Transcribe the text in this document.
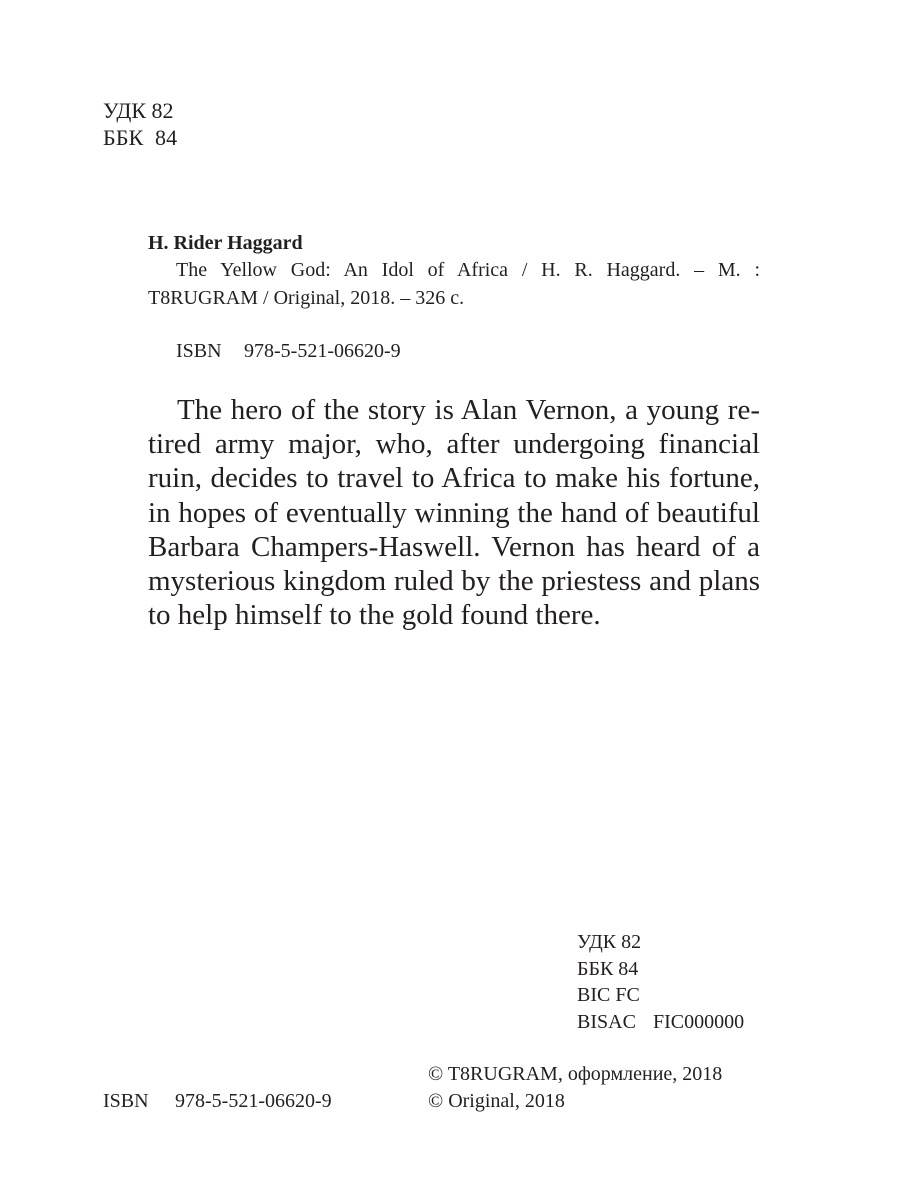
УДК 82
ББК  84
H. Rider Haggard
The Yellow God: An Idol of Africa / H. R. Haggard. – M. :
T8RUGRAM / Original, 2018. – 326 с.
ISBN 978-5-521-06620-9
The hero of the story is Alan Vernon, a young re-
tired army major, who, after undergoing financial
ruin, decides to travel to Africa to make his fortune,
in hopes of eventually winning the hand of beautiful
Barbara Champers-Haswell. Vernon has heard of a
mysterious kingdom ruled by the priestess and plans
to help himself to the gold found there.
УДК 82
ББК 84
BIC FC
BISAC FIC000000
© T8RUGRAM, оформление, 2018
© Original, 2018
ISBN 978-5-521-06620-9
